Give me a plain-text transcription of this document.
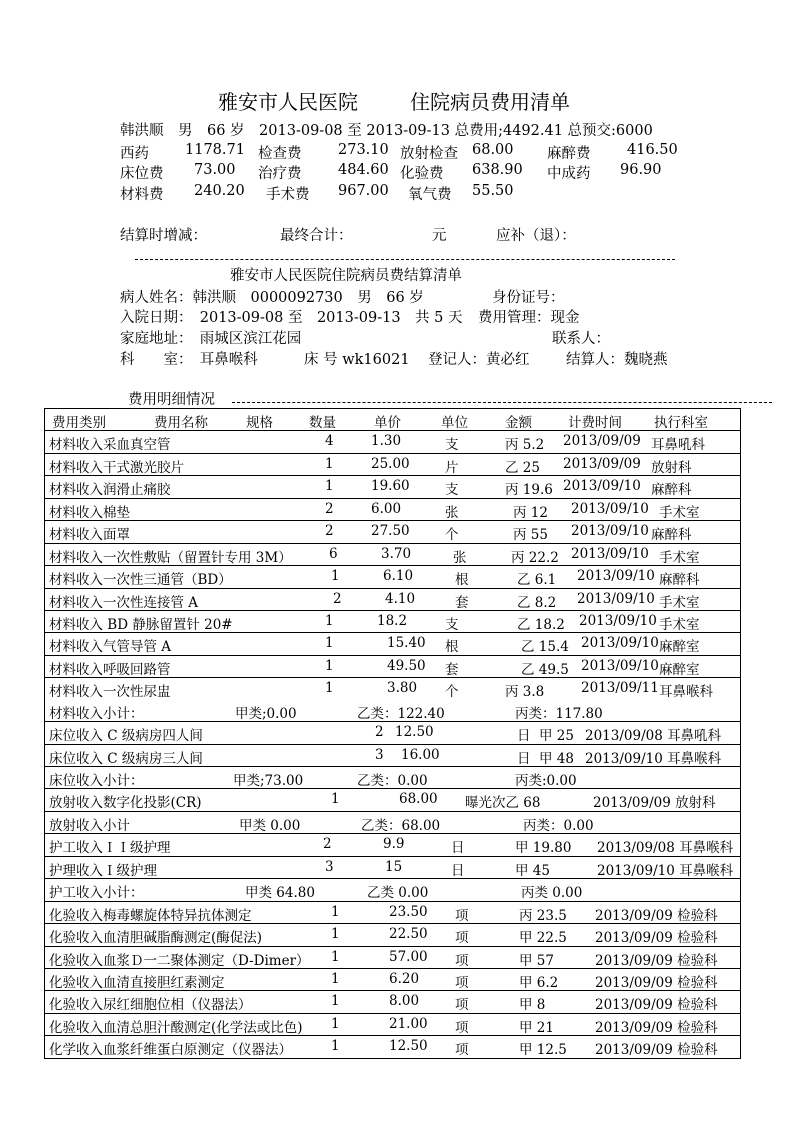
雅安市人民医院	住院病员费用清单
韩洪顺　男　66 岁　2013-09-08 至 2013-09-13 总费用;4492.41 总预交:6000
西药 1178.71 检查费	273.10 放射检查 68.00 麻醉费	416.50
床位费 73.00 治疗费	484.60 化验费 638.90 中成药 96.90
材料费 240.20 手术费 967.00 氧气费 55.50
结算时增减：	最终合计：	元	应补（退）：
雅安市人民医院住院病员费结算清单
病人姓名：韩洪顺　0000092730　男　66 岁	身份证号：
入院日期：　2013-09-08 至　2013-09-13　共 5 天 费用管理：现金
家庭地址：　雨城区滨江花园	联系人：
科　　室：　耳鼻喉科	床 号 wk16021 登记人：黄必红	结算人：魏晓燕
费用明细情况
费用类别	费用名称	规格	数量	单价	单位	金额	计费时间 执行科室
材料收入采血真空管	4	1.30	支	丙 5.2 2013/09/09 耳鼻吼科
材料收入干式激光胶片	1	25.00	片	乙 25 2013/09/09 放射科
材料收入润滑止痛胶	1	19.60	支	丙 19.6 2013/09/10 麻醉科
材料收入棉垫	2	6.00	张	丙 12 2013/09/10 手术室
材料收入面罩	2	27.50	个	丙 55 2013/09/10 麻醉科
材料收入一次性敷贴（留置针专用 3M）	6	3.70	张	丙 22.2 2013/09/10 手术室
材料收入一次性三通管（BD）	1	6.10	根	乙 6.1 2013/09/10 麻醉科
材料收入一次性连接管 A	2	4.10	套	乙 8.2 2013/09/10 手术室
材料收入 BD 静脉留置针 20#	1	18.2	支	乙 18.2 2013/09/10 手术室
材料收入气管导管 A	1	15.40 根	乙 15.4 2013/09/10 麻醉室
材料收入呼吸回路管	1	49.50 套	乙 49.5 2013/09/10 麻醉室
材料收入一次性尿盅	1	3.80 个	丙 3.8	2013/09/11 耳鼻喉科
材料收入小计：	甲类;0.00	乙类：122.40	丙类：117.80
床位收入 C 级病房四人间	2 12.50	日 甲 25 2013/09/08 耳鼻吼科
床位收入 C 级病房三人间	3 16.00	日 甲 48 2013/09/10 耳鼻喉科
床位收入小计：	甲类;73.00	乙类：0.00	丙类:0.00
放射收入数字化投影(CR)	1	68.00 曝光次乙 68	2013/09/09 放射科
放射收入小计	甲类 0.00	乙类：68.00	丙类：0.00
护工收入ＩＩ级护理	2	9.9	日	甲 19.80 2013/09/08 耳鼻喉科
护理收入Ｉ级护理	3	15	日	甲 45	2013/09/10 耳鼻喉科
护工收入小计：	甲类 64.80	乙类 0.00	丙类 0.00
化验收入梅毒螺旋体特异抗体测定	1	23.50 项	丙 23.5 2013/09/09 检验科
化验收入血清胆碱脂酶测定(酶促法)	1	22.50 项	甲 22.5 2013/09/09 检验科
化验收入血浆Ｄ一二聚体测定（D-Dimer） 1	57.00 项	甲 57	2013/09/09 检验科
化验收入血清直接胆红素测定	1	6.20	项	甲 6.2	2013/09/09 检验科
化验收入尿红细胞位相（仪器法）	1	8.00	项	甲 8	2013/09/09 检验科
化验收入血清总胆汁酸测定(化学法或比色) 1	21.00 项	甲 21	2013/09/09 检验科
化学收入血浆纤维蛋白原测定（仪器法）	1	12.50 项	甲 12.5 2013/09/09 检验科
